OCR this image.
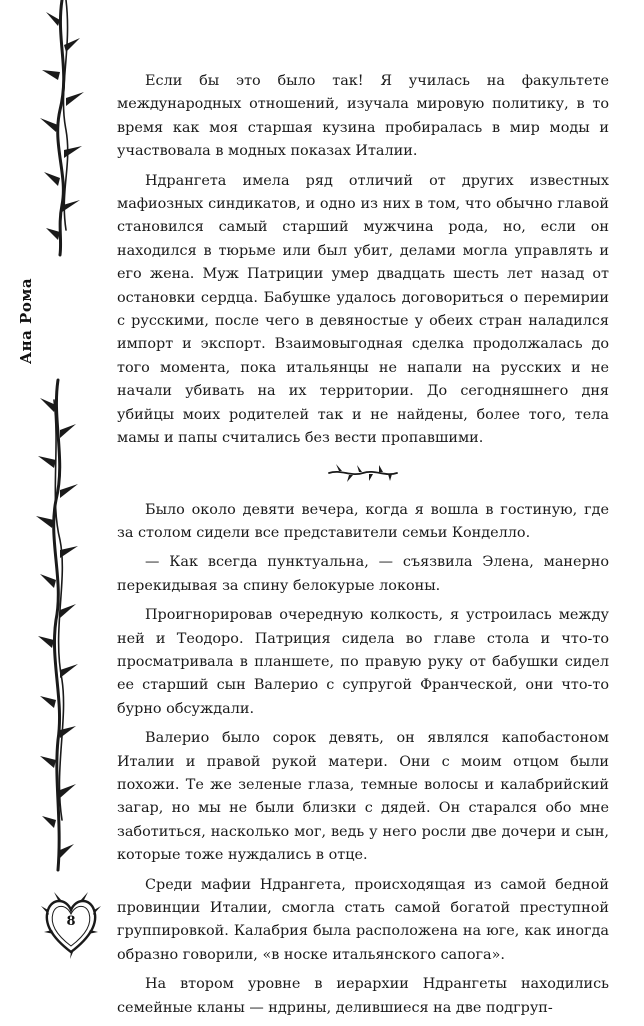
Ана Рома
8

Если бы это было так! Я училась на факультете международных отношений, изучала мировую политику, в то время как моя старшая кузина пробиралась в мир моды и участвовала в модных показах Италии.

Ндрангета имела ряд отличий от других известных мафиозных синдикатов, и одно из них в том, что обычно главой становился самый старший мужчина рода, но, если он находился в тюрьме или был убит, делами могла управлять и его жена. Муж Патриции умер двадцать шесть лет назад от остановки сердца. Бабушке удалось договориться о перемирии с русскими, после чего в девяностые у обеих стран наладился импорт и экспорт. Взаимовыгодная сделка продолжалась до того момента, пока итальянцы не напали на русских и не начали убивать на их территории. До сегодняшнего дня убийцы моих родителей так и не найдены, более того, тела мамы и папы считались без вести пропавшими.

Было около девяти вечера, когда я вошла в гостиную, где за столом сидели все представители семьи Конделло.

— Как всегда пунктуальна, — съязвила Элена, манерно перекидывая за спину белокурые локоны.

Проигнорировав очередную колкость, я устроилась между ней и Теодоро. Патриция сидела во главе стола и что-то просматривала в планшете, по правую руку от бабушки сидел ее старший сын Валерио с супругой Франческой, они что-то бурно обсуждали.

Валерио было сорок девять, он являлся капобастоном Италии и правой рукой матери. Они с моим отцом были похожи. Те же зеленые глаза, темные волосы и калабрийский загар, но мы не были близки с дядей. Он старался обо мне заботиться, насколько мог, ведь у него росли две дочери и сын, которые тоже нуждались в отце.

Среди мафии Ндрангета, происходящая из самой бедной провинции Италии, смогла стать самой богатой преступной группировкой. Калабрия была расположена на юге, как иногда образно говорили, «в носке итальянского сапога».

На втором уровне в иерархии Ндрангеты находились семейные кланы — ндрины, делившиеся на две подгруп-
